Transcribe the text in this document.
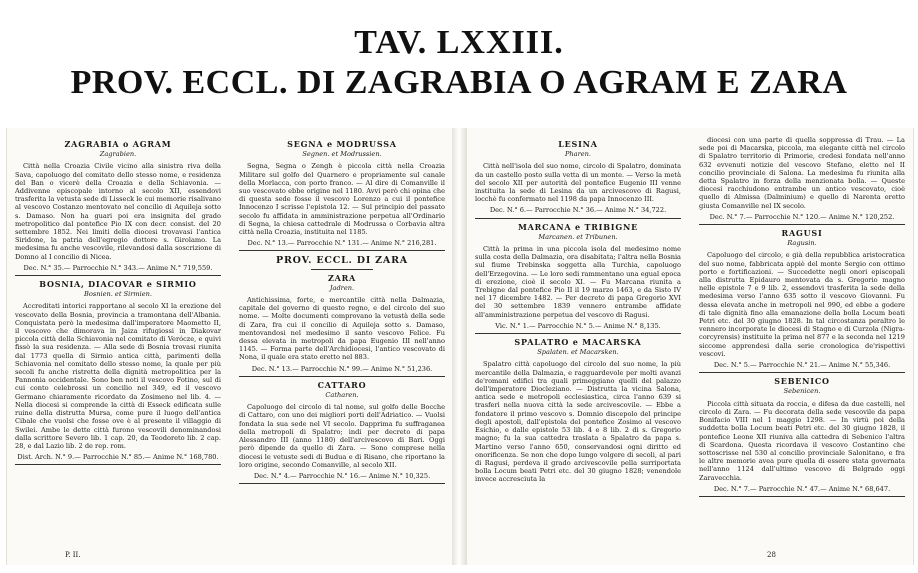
TAV. LXXIII.
PROV. ECCL. DI ZAGRABIA O AGRAM E ZARA
ZAGRABIA o AGRAM
Zagrabien.

Città nella Croazia Civile vicino alla sinistra riva della Sava, capoluogo del comitato dello stesso nome, e residenza del Ban o vicerè della Croazia e della Schiavonia. — Addivenne episcopale intorno al secolo XII, essendovi trasferita la vetusta sede di Lisseck le cui memorie risalivano al vescovo Costanzo mentovato nel concilio di Aquileja sotto s. Damaso. Non ha guari poi era insignita del grado metropolitico dal pontefice Pio IX con decr. consist. del 20 settembre 1852. Nei limiti della diocesi trovavasi l'antica Siridone, la patria dell'egregio dottore s. Girolamo. La medesima fu anche vescovile, rilevandosi dalla soscrizione di Domno al I concilio di Nicea.

Dec. N.° 35.— Parrocchie N.° 343.— Anime N.° 719,559.
BOSNIA, DIACOVAR e SIRMIO
Bosnien. et Sirmien.

Accreditati intorici rapportano al secolo XI la erezione del vescovato della Bosnia, provincia a tramontana dell'Albania. Conquistata però la medesima dall'imperatore Maometto II, il vescovo che dimorava in Jaiza rifugiossi in Diakovar piccola città della Schiavonia nel comitato di Verócze, e quivi fissò la sua residenza. — Alla sede di Bosnia trovasi riunita dal 1773 quella di Sirmio antica città, parimenti della Schiavonia nel comitato dello stesso nome, la quale per più secoli fu anche ristretta della dignità metropolitica per la Pannonia occidentale. Sono ben noti il vescovo Fotino, sul di cui conto celebrossi un concilio nel 349, ed il vescovo Germano chiaramente ricordato da Zosimeno nel lib. 4. — Nella diocesi si comprende la città di Esseck edificata sulle ruine della distrutta Mursa, come pure il luogo dell'antica Cibale che vuolsi che fosse ove è al presente il villaggio di Swilei. Ambe le dette città furono vescovili denominandosi dalla scrittore Severo lib. 1 cap. 20, da Teodoreto lib. 2 cap. 28, e dal Lazio lib. 2 de rep. rom.

Dist. Arch. N.° 9.— Parrocchie N.° 85.— Anime N.° 168,780.
SEGNA e MODRUSSA
Segnen. et Modrussien.

Segna, Segna o Zengh è piccola città nella Croazia Militare sul golfo del Quarnero e propriamente sul canale della Morlacca, con porto franco. — Al dire di Comanville il suo vescovato ebbe origine nel 1180. Avvi però chi opina che di questa sede fosse il vescovo Lorenzo a cui il pontefice Innocenzo I scrisse l'epistola 12. — Sul principio del passato secolo fu affidata in amministrazione perpetua all'Ordinario di Segna, la chiesa cattedrale di Modrussa o Corbavia altra città nella Croazia, instituita nel 1185.

Dec. N.° 13.— Parrocchie N.° 131.— Anime N.° 216,281.
PROV. ECCL. DI ZARA
ZARA
Jadren.

Antichissima, forte, e mercantile città nella Dalmazia, capitale del governo di questo regno, e del circolo del suo nome. — Molte documenti comprovano la vetustà della sede di Zara, fra cui il concilio di Aquileja sotto s. Damaso, mentovandosi nel medesimo il santo vescovo Felice. Fu dessa elevata in metropoli da papa Eugenio III nell'anno 1145. — Forma parte dell'Archidiocesi, l'antico vescovato di Nona, il quale era stato eretto nel 883.

Dec. N.° 13.— Parrocchie N.° 99.— Anime N.° 51,236.
CATTARO
Catharen.

Capoluogo del circolo di tal nome, sul golfo delle Bocche di Cattaro, con uno dei migliori porti dell'Adriatico. — Vuolsi fondata la sua sede nel VI secolo. Dapprima fu suffraganea della metropoli di Spalatro; indi per decreto di papa Alessandro III (anno 1180) dell'arcivescovo di Bari. Oggi però dipende da quello di Zara. — Sono comprese nella diocesi le vetuste sedi di Budua e di Risano, che riportano la loro origine, secondo Comanville, al secolo XII.

Dec. N.° 4.— Parrocchie N.° 16.— Anime N.° 10,325.
P. II.
LESINA
Pharen.

Città nell'isola del suo nome, circolo di Spalatro, dominata da un castello posto sulla vetta di un monte. — Verso la metà del secolo XII per autorità del pontefice Eugenio III venne instituita la sede di Lesina da un arcivescovo di Ragusi, locchè fu confermato nel 1198 da papa Innocenzo III.

Dec. N.° 6.— Parrocchie N.° 36.— Anime N.° 34,722.
MARCANA e TRIBIGNE
Marcanen. et Tribunen.

Città la prima in una piccola isola del medesimo nome sulla costa della Dalmazia, ora disabitata; l'altra nella Bosnia sul fiume Trebinska soggetta alla Turchia, capoluogo dell'Erzegovina. — Le loro sedi rammentano una egual epoca di erezione, cioè il secolo XI. — Fu Marcana riunita a Trebigne dal pontefice Pio II il 19 marzo 1463, e da Sisto IV nel 17 dicembre 1482. — Per decreto di papa Gregorio XVI del 30 settembre 1839 vennero entrambe affidate all'amministrazione perpetua del vescovo di Ragusi.

Vic. N.° 1.— Parrocchie N.° 5.— Anime N.° 8,135.
SPALATRO e MACARSKA
Spalaten. et Macarsken.

Spalatro città capoluogo del circolo del suo nome, la più mercantile della Dalmazia, e ragguardevole per molti avanzi de'romani edifici tra quali primeggiano quelli del palazzo dell'imperatore Diocleziano. — Distrutta la vicina Salona, antica sede e metropoli ecclesiastica, circa l'anno 639 si trasferì nella nuova città la sede arcivescovile. — Ebbe a fondatore il primo vescovo s. Domnio discepolo del principe degli apostoli, dall'epistola del pontefice Zosimo al vescovo Esichio, e dalle epistole 53 lib. 4 e 8 lib. 2 di s. Gregorio magno; fu la sua cattedra traslata a Spalatro da papa s. Martino verso l'anno 650, conservandosi ogni diritto ed onorificenza. Se non che dopo lungo volgere di secoli, al pari di Ragusi, perdeva il grado arcivescovile pella surriportata bolla Locum beati Petri etc. del 30 giugno 1828; venendole invece accresciuta la

diocesi con una parte di quella soppressa di Trau. — La sede poi di Macarska, piccola, ma elegante città nel circolo di Spalatro territorio di Primorie, credesi fondata nell'anno 632 evvenuti notizie del vescovo Stefano, eletto nel II concilio provinciale di Salona. La medesima fu riunita alla detta Spalatro in forza della menzionata bolla. — Queste diocesi racchiudono entrambe un antico vescovato, cioè quello di Almissa (Dalminium) e quello di Narenta eretto giusta Comanville nel IX secolo.

Dec. N.° 7.— Parrocchie N.° 120.— Anime N.° 120,252.
RAGUSI
Ragusin.

Capoluogo del circolo, e già della repubblica aristocratica del suo nome, fabbricata appiè del monte Sergio con ottimo porto e fortificazioni. — Succedette negli onori episcopali alla distrutta Epidauro mentovata da s. Gregorio magno nelle epistole 7 e 9 lib. 2, essendovi trasferita la sede della medesima verso l'anno 635 sotto il vescovo Giovanni. Fu dessa elevata anche in metropoli nel 990, ed ebbe a godere di tale dignità fino alla emanazione della bolla Locum beati Petri etc. del 30 giugno 1828. In tal circostanza peraltro le vennero incorporate le diocesi di Stagno e di Curzola (Nigra-corcyrensis) instituite la prima nel 877 e la seconda nel 1219 siccome apprendesi dalla serie cronologica de'rispettivi vescovi.

Dec. N.° 5.— Parrocchie N.° 21.— Anime N.° 55,346.
SEBENICO
Sebenicen.

Piccola città situata da roccia, e difesa da due castelli, nel circolo di Zara. — Fu decorata della sede vescovile da papa Bonifacio VIII nel 1 maggio 1298. — In virtù poi della suddetta bolla Locum beati Petri etc. del 30 giugno 1828, il pontefice Leone XII riuniva alla cattedra di Sebenico l'altra di Scardona. Questa ricordava il vescovo Costantino che sottoscrisse nel 530 al concilio provinciale Salonitano, e fra le altre memorie avea pure quella di essere stata governata nell'anno 1124 dall'ultimo vescovo di Belgrado oggi Zaravecchia.

Dec. N.° 7.— Parrocchie N.° 47.— Anime N.° 68,647.
28
